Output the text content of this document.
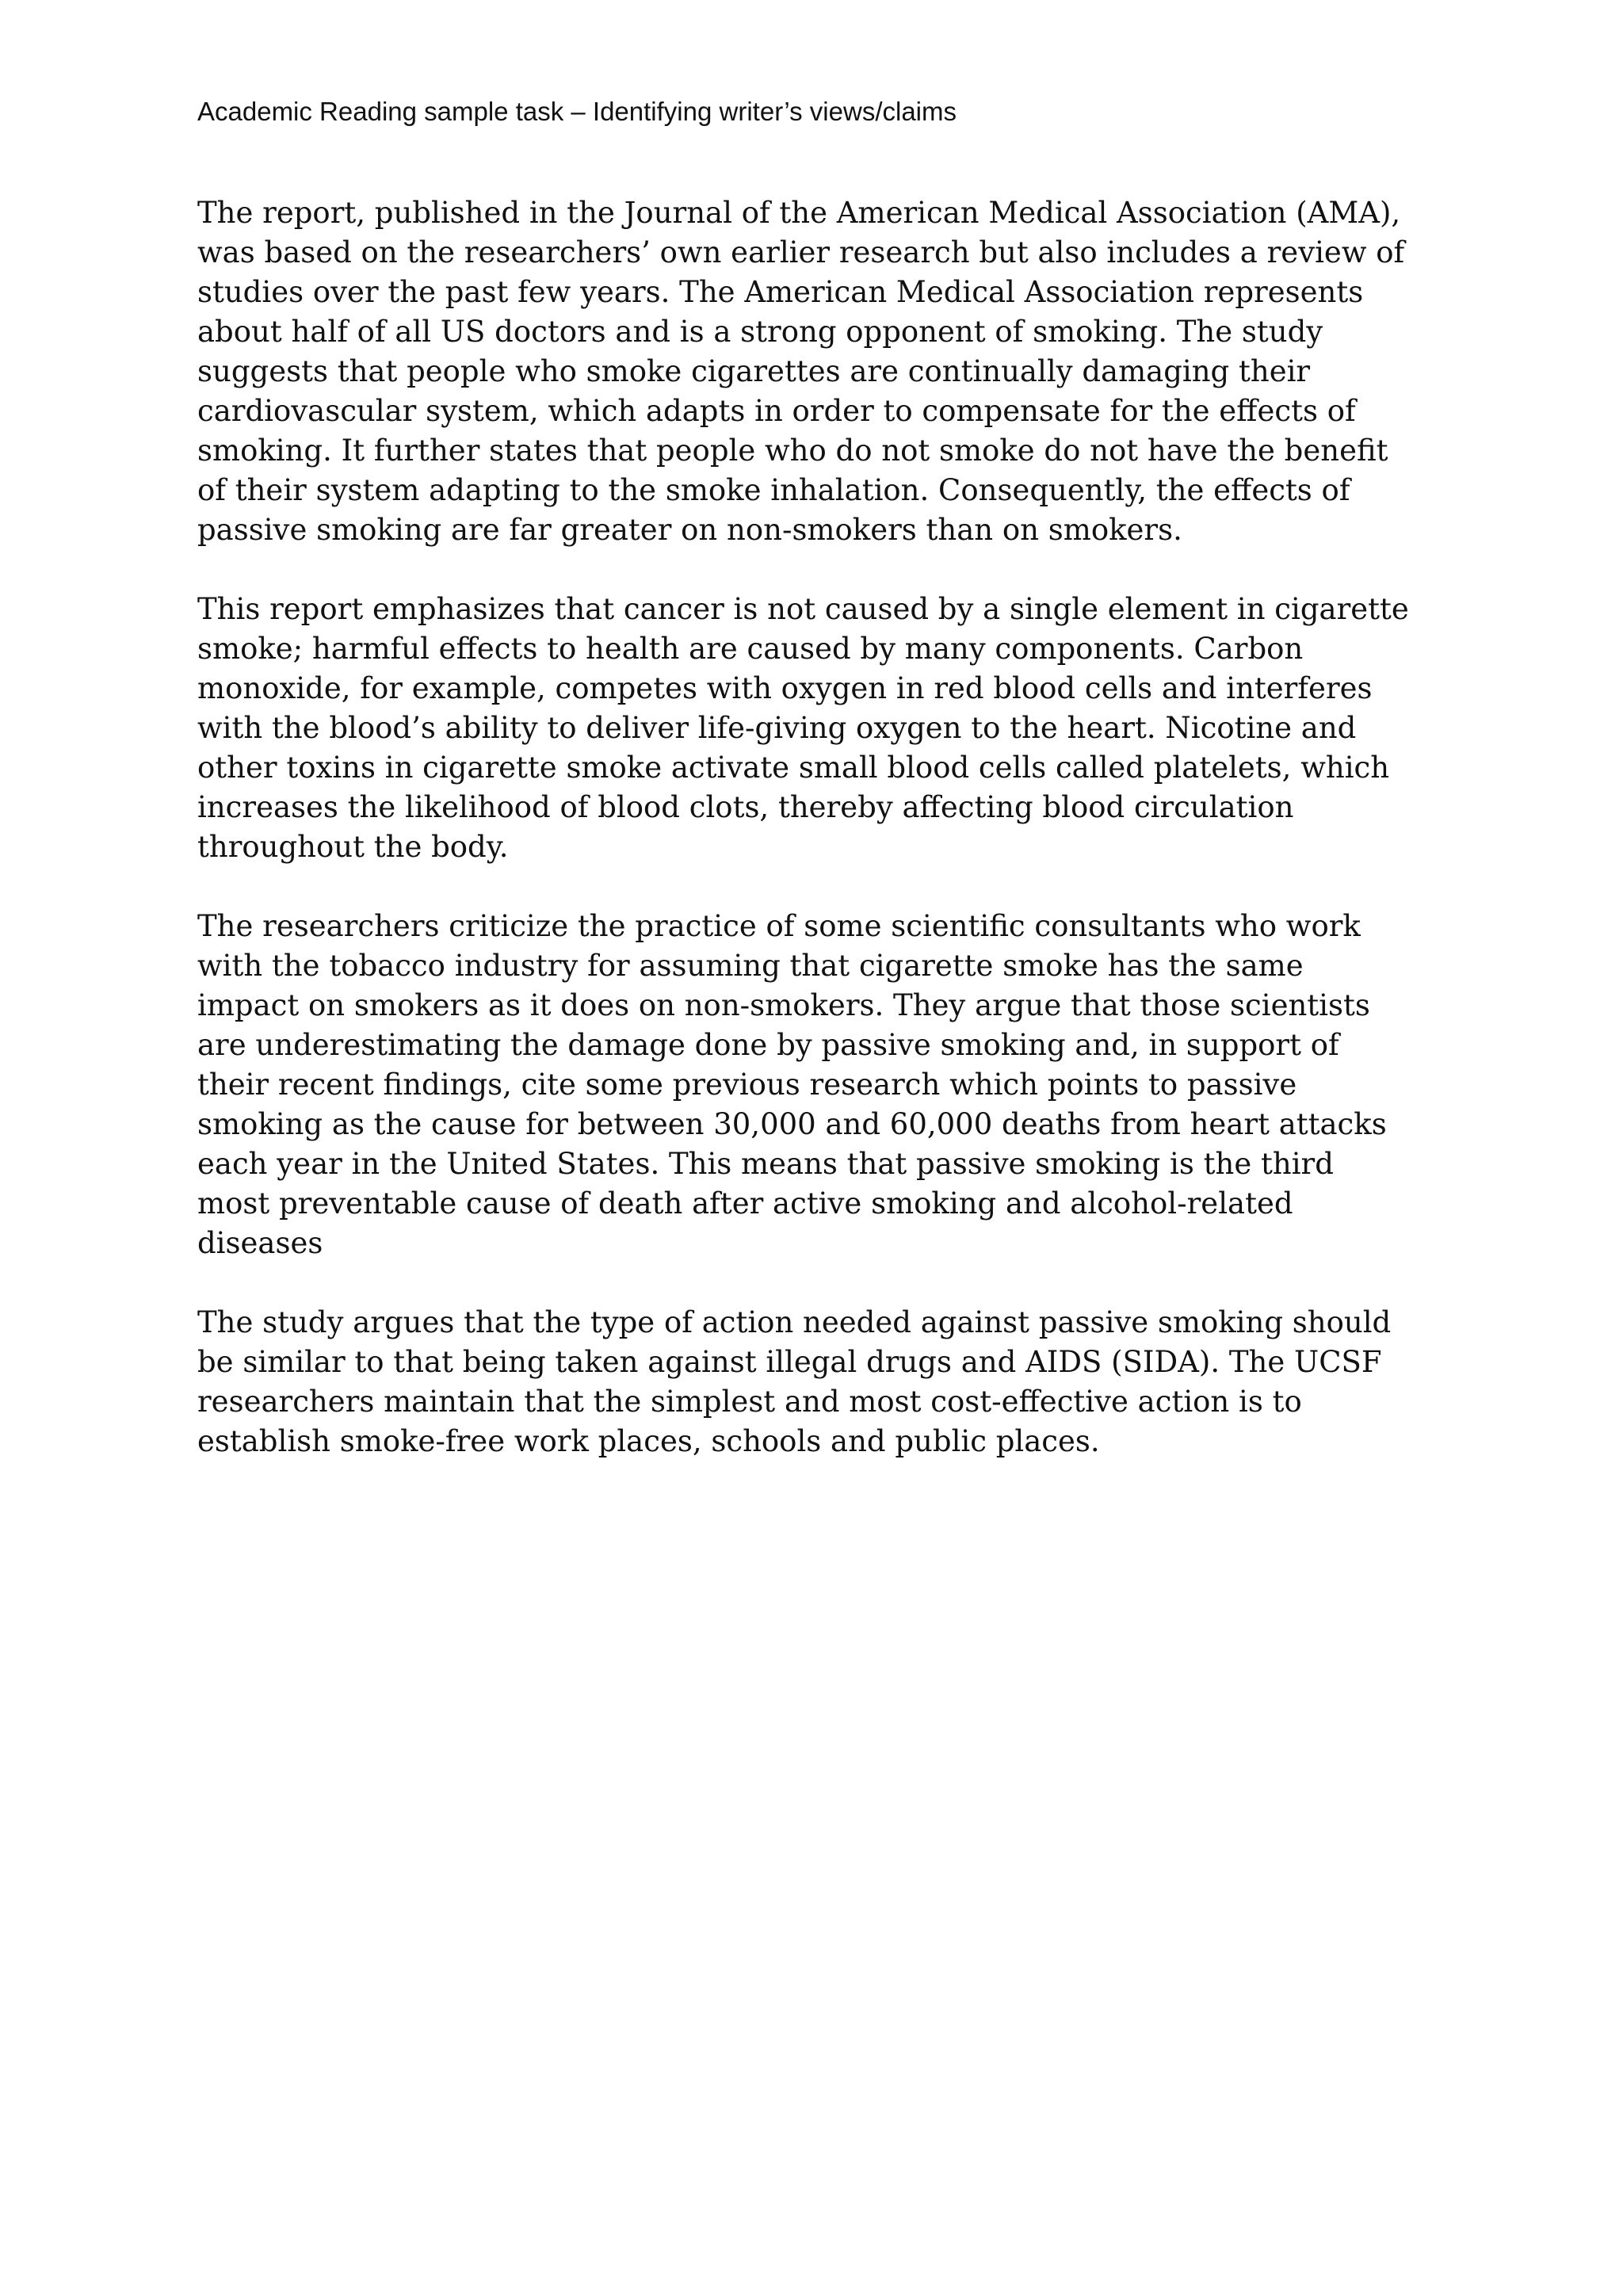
Academic Reading sample task – Identifying writer’s views/claims

The report, published in the Journal of the American Medical Association (AMA),
was based on the researchers’ own earlier research but also includes a review of
studies over the past few years. The American Medical Association represents
about half of all US doctors and is a strong opponent of smoking. The study
suggests that people who smoke cigarettes are continually damaging their
cardiovascular system, which adapts in order to compensate for the effects of
smoking. It further states that people who do not smoke do not have the benefit
of their system adapting to the smoke inhalation. Consequently, the effects of
passive smoking are far greater on non-smokers than on smokers.

This report emphasizes that cancer is not caused by a single element in cigarette
smoke; harmful effects to health are caused by many components. Carbon
monoxide, for example, competes with oxygen in red blood cells and interferes
with the blood’s ability to deliver life-giving oxygen to the heart. Nicotine and
other toxins in cigarette smoke activate small blood cells called platelets, which
increases the likelihood of blood clots, thereby affecting blood circulation
throughout the body.

The researchers criticize the practice of some scientific consultants who work
with the tobacco industry for assuming that cigarette smoke has the same
impact on smokers as it does on non-smokers. They argue that those scientists
are underestimating the damage done by passive smoking and, in support of
their recent findings, cite some previous research which points to passive
smoking as the cause for between 30,000 and 60,000 deaths from heart attacks
each year in the United States. This means that passive smoking is the third
most preventable cause of death after active smoking and alcohol-related
diseases

The study argues that the type of action needed against passive smoking should
be similar to that being taken against illegal drugs and AIDS (SIDA). The UCSF
researchers maintain that the simplest and most cost-effective action is to
establish smoke-free work places, schools and public places.
